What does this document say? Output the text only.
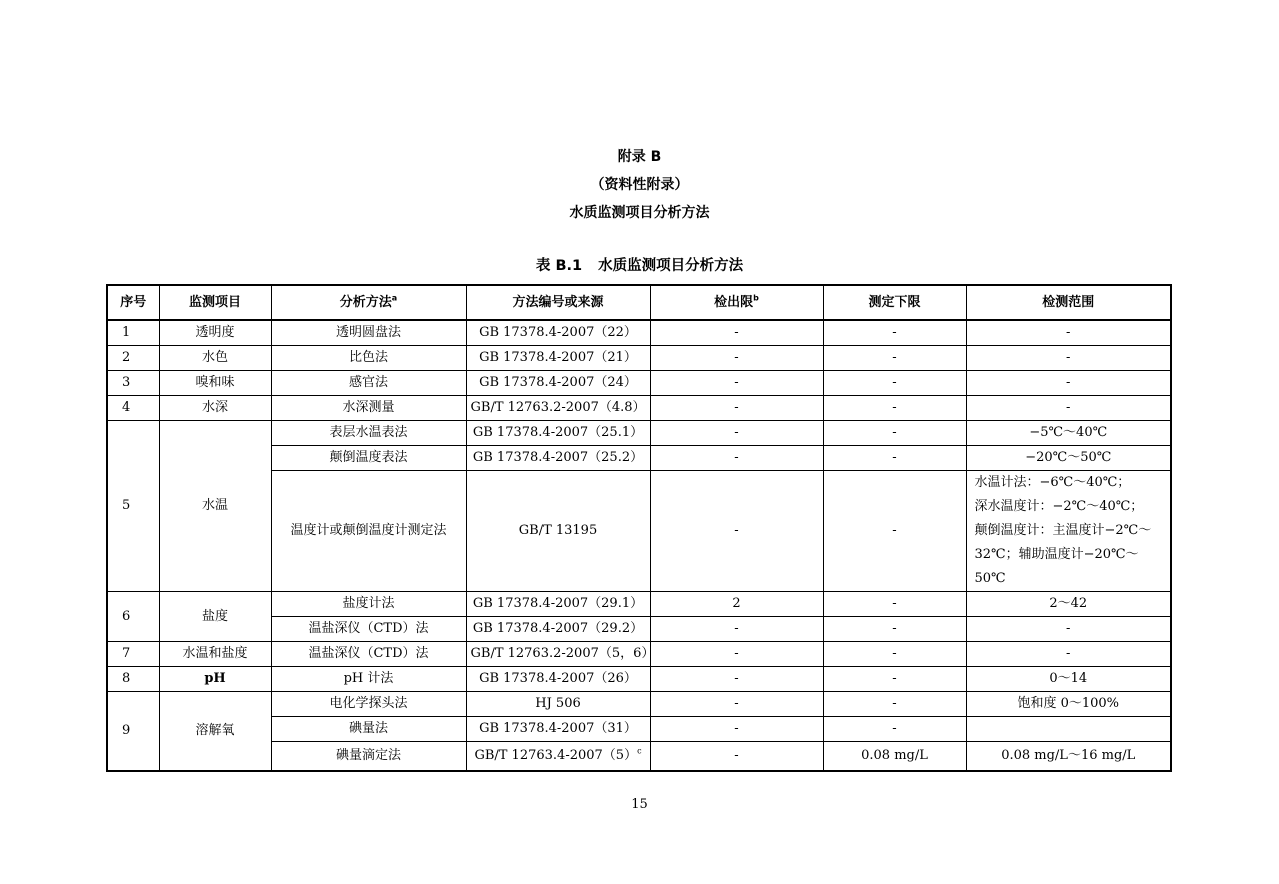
附录 B
（资料性附录）
水质监测项目分析方法
表 B.1 水质监测项目分析方法
序号	监测项目	分析方法$^a$	方法编号或来源	检出限$^b$	测定下限	检测范围
1	透明度	透明圆盘法	GB 17378.4-2007（22）	-	-	-
2	水色	比色法	GB 17378.4-2007（21）	-	-	-
3	嗅和味	感官法	GB 17378.4-2007（24）	-	-	-
4	水深	水深测量	GB/T 12763.2-2007（4.8）	-	-	-
5	水温	表层水温表法	GB 17378.4-2007（25.1）	-	-	−5℃～40℃
		颠倒温度表法	GB 17378.4-2007（25.2）	-	-	−20℃～50℃
		温度计或颠倒温度计测定法	GB/T 13195	-	-	水温计法：−6℃～40℃；
深水温度计：−2℃～40℃；
颠倒温度计：主温度计−2℃～
32℃；辅助温度计−20℃～50℃

6	盐度	盐度计法	GB 17378.4-2007（29.1）	2	-	2～42
		温盐深仪（CTD）法	GB 17378.4-2007（29.2）	-	-	-
7	水温和盐度	温盐深仪（CTD）法	GB/T 12763.2-2007（5，6）	-	-	-
8	pH	pH 计法	GB 17378.4-2007（26）	-	-	0～14
9	溶解氧	电化学探头法	HJ 506	-	-	饱和度 0～100%
		碘量法	GB 17378.4-2007（31）	-	-	
		碘量滴定法	GB/T $12763.4-2007(5)^c$	-	0.08 mg/L	0.08 mg/L～16 mg/L
15
